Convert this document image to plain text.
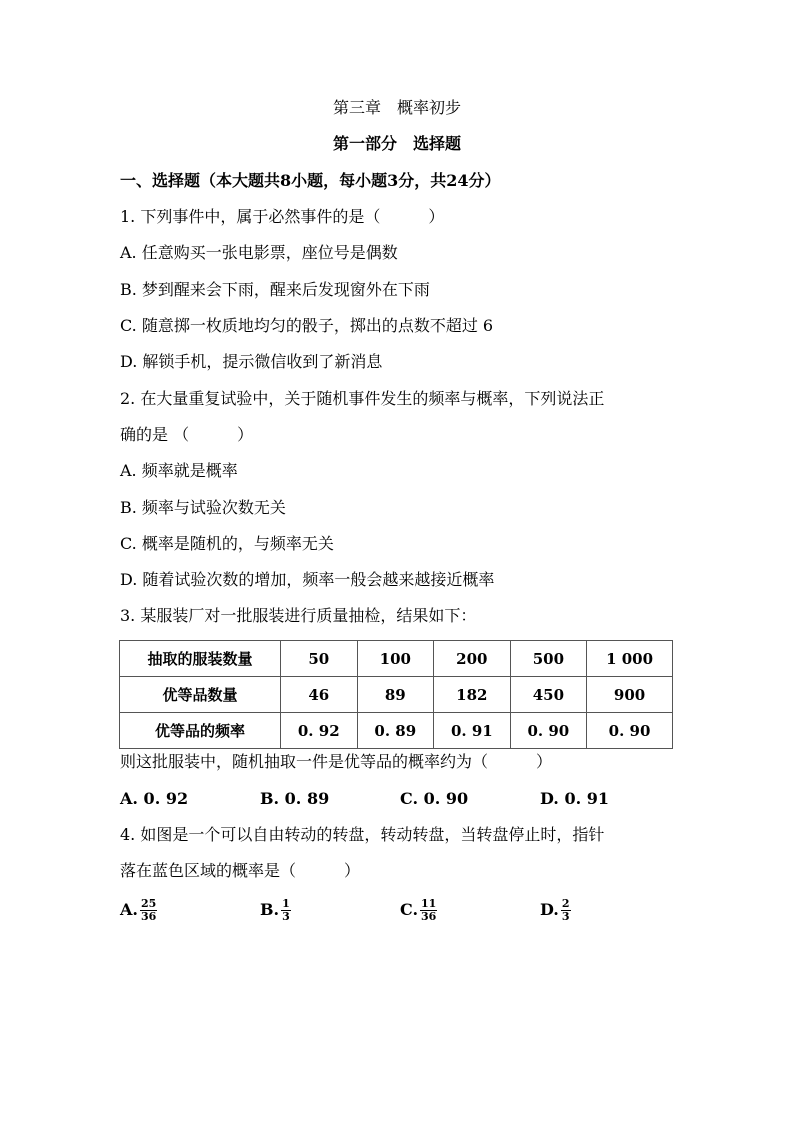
第三章　概率初步
第一部分　选择题
一、选择题（本大题共8小题，每小题3分，共24分）
1. 下列事件中，属于必然事件的是（　　　）
A. 任意购买一张电影票，座位号是偶数
B. 梦到醒来会下雨，醒来后发现窗外在下雨
C. 随意掷一枚质地均匀的骰子，掷出的点数不超过 6
D. 解锁手机，提示微信收到了新消息
2. 在大量重复试验中，关于随机事件发生的频率与概率，下列说法正
确的是 （　　　）
A. 频率就是概率
B. 频率与试验次数无关
C. 概率是随机的，与频率无关
D. 随着试验次数的增加，频率一般会越来越接近概率
3. 某服装厂对一批服装进行质量抽检，结果如下：
抽取的服装数量	50	100	200	500	1 000
优等品数量	46	89	182	450	900
优等品的频率	0. 92	0. 89	0. 91	0. 90	0. 90
则这批服装中，随机抽取一件是优等品的概率约为（　　　）
A. 0. 92	B. 0. 89	C. 0. 90	D. 0. 91
4. 如图是一个可以自由转动的转盘，转动转盘，当转盘停止时，指针
落在蓝色区域的概率是（　　　）
A. $\frac{25}{36}$	B. $\frac{1}{3}$	C. $\frac{11}{36}$	D. $\frac{2}{3}$
